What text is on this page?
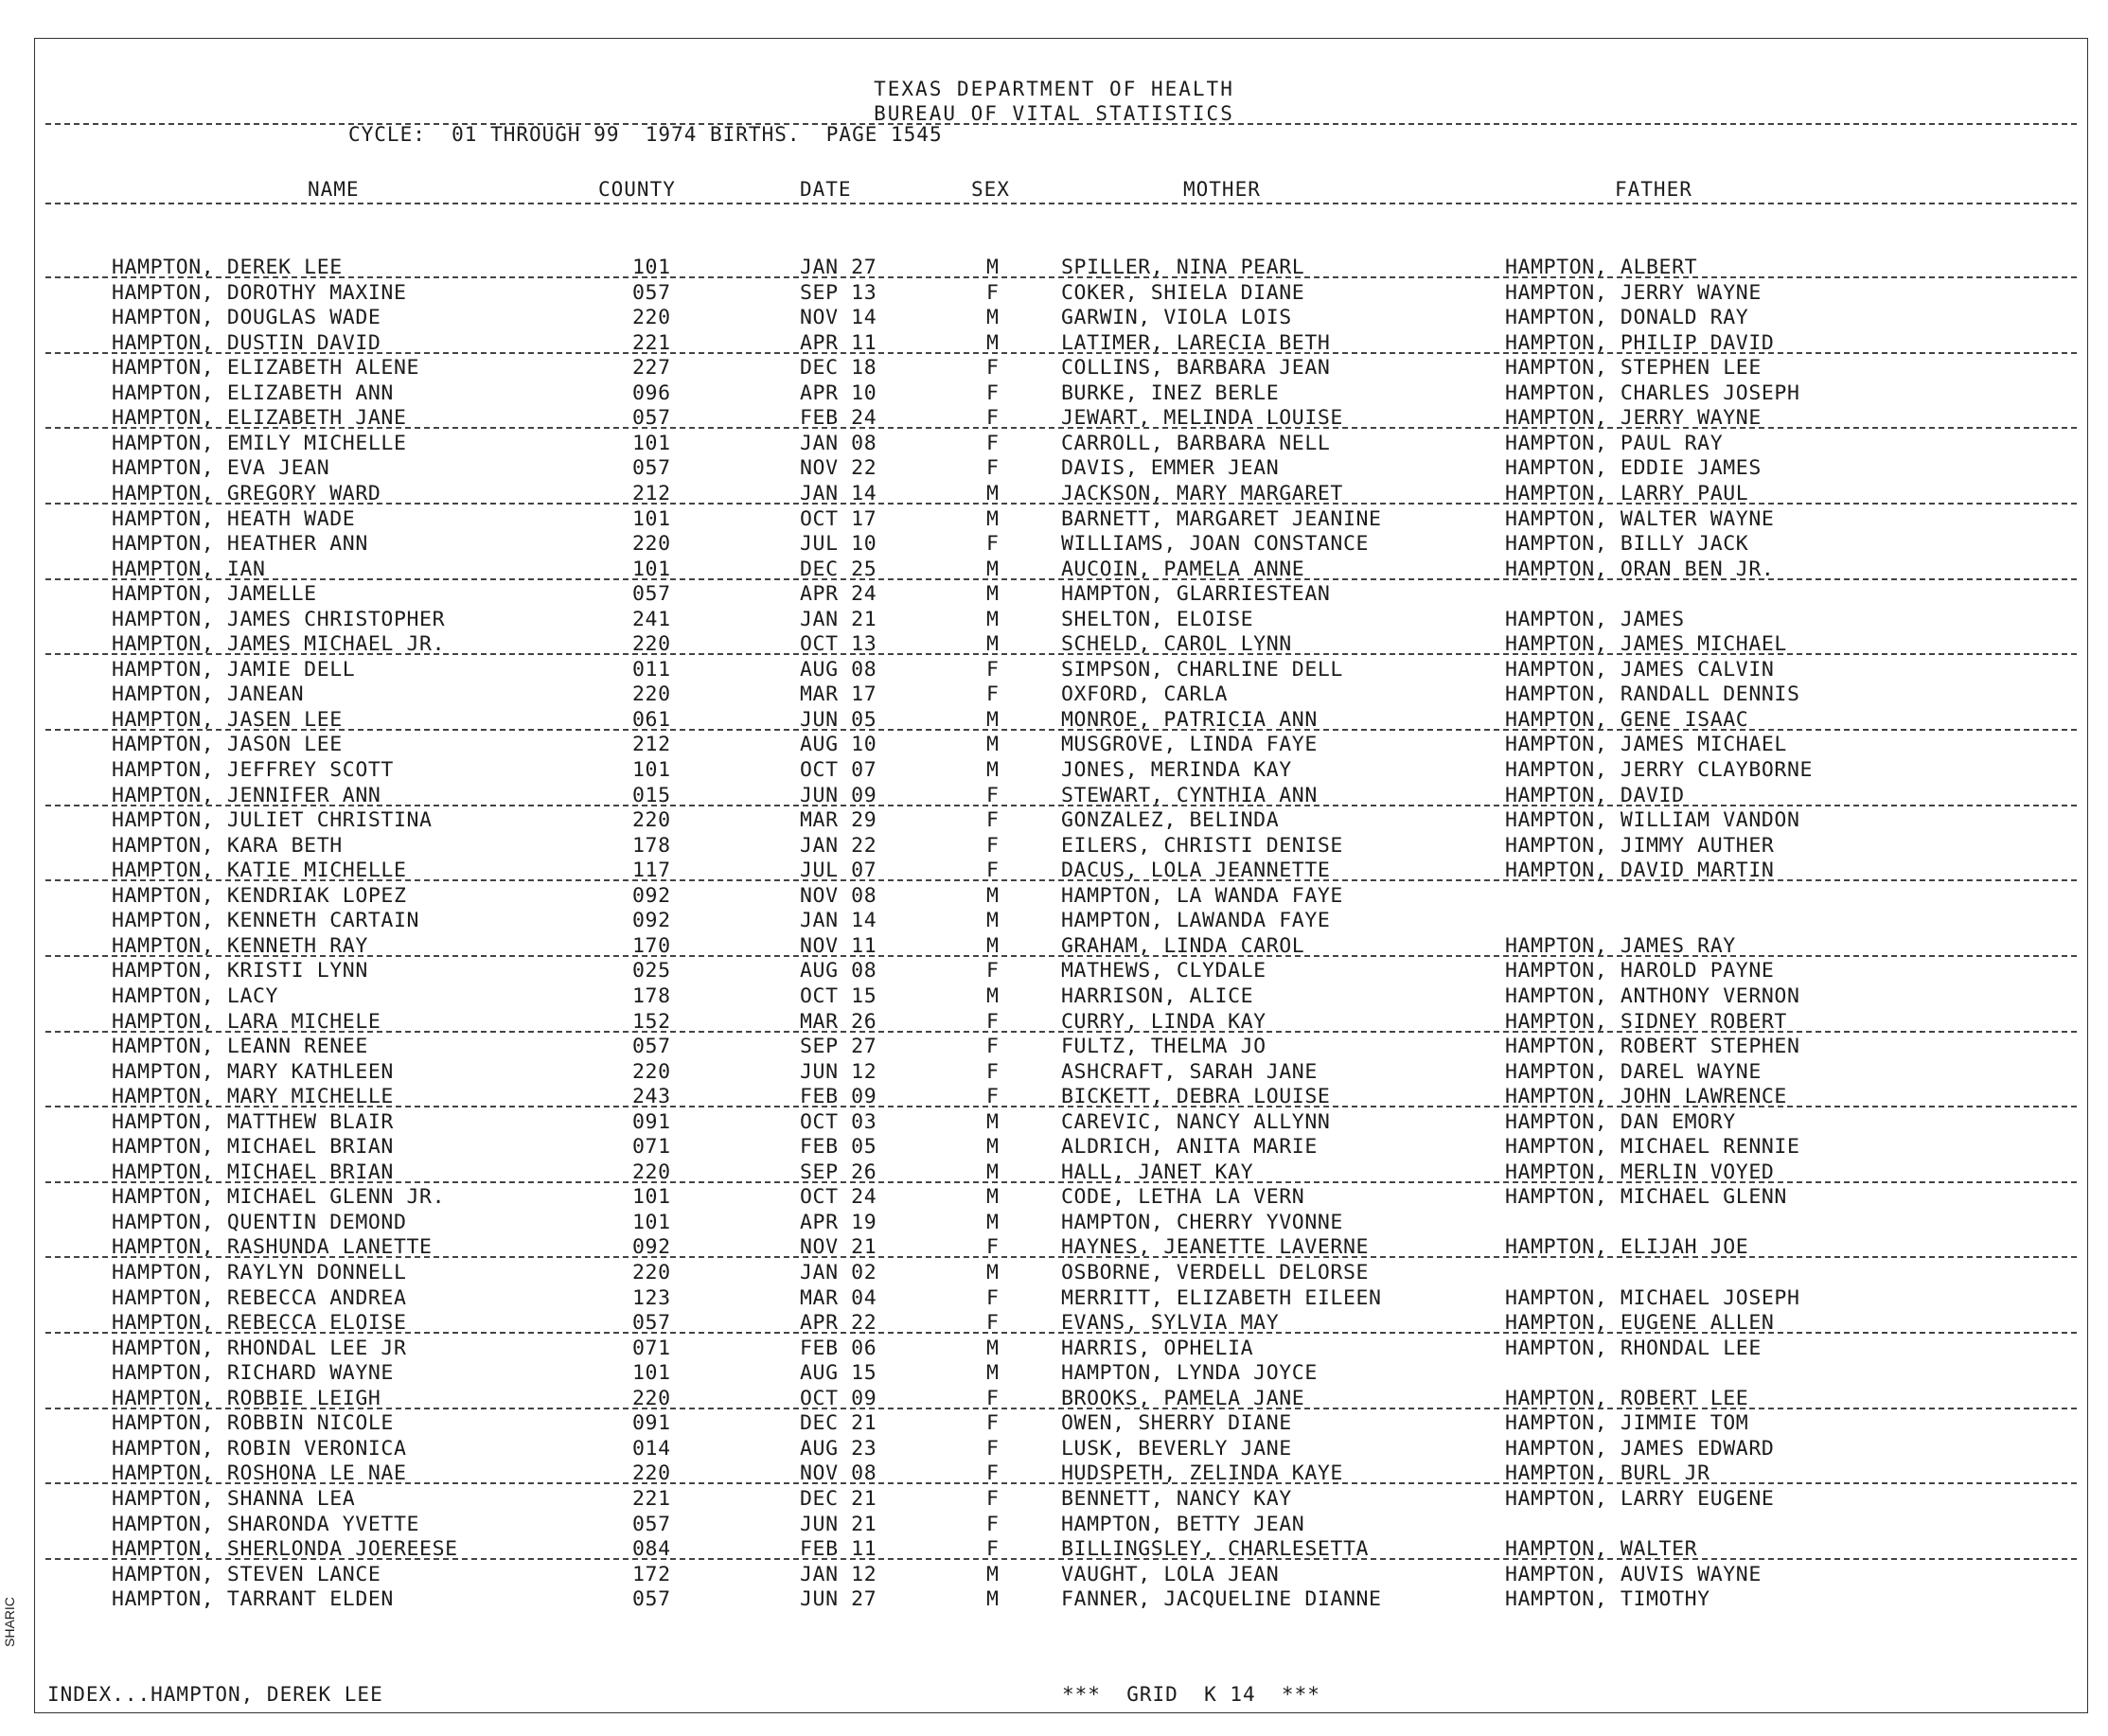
TEXAS DEPARTMENT OF HEALTH
BUREAU OF VITAL STATISTICS
CYCLE:  01 THROUGH 99  1974 BIRTHS.  PAGE 1545
NAME	COUNTY	DATE	SEX	MOTHER	FATHER
HAMPTON, DEREK LEE	101	JAN 27	M	SPILLER, NINA PEARL	HAMPTON, ALBERT
HAMPTON, DOROTHY MAXINE	057	SEP 13	F	COKER, SHIELA DIANE	HAMPTON, JERRY WAYNE
HAMPTON, DOUGLAS WADE	220	NOV 14	M	GARWIN, VIOLA LOIS	HAMPTON, DONALD RAY
HAMPTON, DUSTIN DAVID	221	APR 11	M	LATIMER, LARECIA BETH	HAMPTON, PHILIP DAVID
HAMPTON, ELIZABETH ALENE	227	DEC 18	F	COLLINS, BARBARA JEAN	HAMPTON, STEPHEN LEE
HAMPTON, ELIZABETH ANN	096	APR 10	F	BURKE, INEZ BERLE	HAMPTON, CHARLES JOSEPH
HAMPTON, ELIZABETH JANE	057	FEB 24	F	JEWART, MELINDA LOUISE	HAMPTON, JERRY WAYNE
HAMPTON, EMILY MICHELLE	101	JAN 08	F	CARROLL, BARBARA NELL	HAMPTON, PAUL RAY
HAMPTON, EVA JEAN	057	NOV 22	F	DAVIS, EMMER JEAN	HAMPTON, EDDIE JAMES
HAMPTON, GREGORY WARD	212	JAN 14	M	JACKSON, MARY MARGARET	HAMPTON, LARRY PAUL
HAMPTON, HEATH WADE	101	OCT 17	M	BARNETT, MARGARET JEANINE	HAMPTON, WALTER WAYNE
HAMPTON, HEATHER ANN	220	JUL 10	F	WILLIAMS, JOAN CONSTANCE	HAMPTON, BILLY JACK
HAMPTON, IAN	101	DEC 25	M	AUCOIN, PAMELA ANNE	HAMPTON, ORAN BEN JR.
HAMPTON, JAMELLE	057	APR 24	M	HAMPTON, GLARRIESTEAN
HAMPTON, JAMES CHRISTOPHER	241	JAN 21	M	SHELTON, ELOISE	HAMPTON, JAMES
HAMPTON, JAMES MICHAEL JR.	220	OCT 13	M	SCHELD, CAROL LYNN	HAMPTON, JAMES MICHAEL
HAMPTON, JAMIE DELL	011	AUG 08	F	SIMPSON, CHARLINE DELL	HAMPTON, JAMES CALVIN
HAMPTON, JANEAN	220	MAR 17	F	OXFORD, CARLA	HAMPTON, RANDALL DENNIS
HAMPTON, JASEN LEE	061	JUN 05	M	MONROE, PATRICIA ANN	HAMPTON, GENE ISAAC
HAMPTON, JASON LEE	212	AUG 10	M	MUSGROVE, LINDA FAYE	HAMPTON, JAMES MICHAEL
HAMPTON, JEFFREY SCOTT	101	OCT 07	M	JONES, MERINDA KAY	HAMPTON, JERRY CLAYBORNE
HAMPTON, JENNIFER ANN	015	JUN 09	F	STEWART, CYNTHIA ANN	HAMPTON, DAVID
HAMPTON, JULIET CHRISTINA	220	MAR 29	F	GONZALEZ, BELINDA	HAMPTON, WILLIAM VANDON
HAMPTON, KARA BETH	178	JAN 22	F	EILERS, CHRISTI DENISE	HAMPTON, JIMMY AUTHER
HAMPTON, KATIE MICHELLE	117	JUL 07	F	DACUS, LOLA JEANNETTE	HAMPTON, DAVID MARTIN
HAMPTON, KENDRIAK LOPEZ	092	NOV 08	M	HAMPTON, LA WANDA FAYE
HAMPTON, KENNETH CARTAIN	092	JAN 14	M	HAMPTON, LAWANDA FAYE
HAMPTON, KENNETH RAY	170	NOV 11	M	GRAHAM, LINDA CAROL	HAMPTON, JAMES RAY
HAMPTON, KRISTI LYNN	025	AUG 08	F	MATHEWS, CLYDALE	HAMPTON, HAROLD PAYNE
HAMPTON, LACY	178	OCT 15	M	HARRISON, ALICE	HAMPTON, ANTHONY VERNON
HAMPTON, LARA MICHELE	152	MAR 26	F	CURRY, LINDA KAY	HAMPTON, SIDNEY ROBERT
HAMPTON, LEANN RENEE	057	SEP 27	F	FULTZ, THELMA JO	HAMPTON, ROBERT STEPHEN
HAMPTON, MARY KATHLEEN	220	JUN 12	F	ASHCRAFT, SARAH JANE	HAMPTON, DAREL WAYNE
HAMPTON, MARY MICHELLE	243	FEB 09	F	BICKETT, DEBRA LOUISE	HAMPTON, JOHN LAWRENCE
HAMPTON, MATTHEW BLAIR	091	OCT 03	M	CAREVIC, NANCY ALLYNN	HAMPTON, DAN EMORY
HAMPTON, MICHAEL BRIAN	071	FEB 05	M	ALDRICH, ANITA MARIE	HAMPTON, MICHAEL RENNIE
HAMPTON, MICHAEL BRIAN	220	SEP 26	M	HALL, JANET KAY	HAMPTON, MERLIN VOYED
HAMPTON, MICHAEL GLENN JR.	101	OCT 24	M	CODE, LETHA LA VERN	HAMPTON, MICHAEL GLENN
HAMPTON, QUENTIN DEMOND	101	APR 19	M	HAMPTON, CHERRY YVONNE
HAMPTON, RASHUNDA LANETTE	092	NOV 21	F	HAYNES, JEANETTE LAVERNE	HAMPTON, ELIJAH JOE
HAMPTON, RAYLYN DONNELL	220	JAN 02	M	OSBORNE, VERDELL DELORSE
HAMPTON, REBECCA ANDREA	123	MAR 04	F	MERRITT, ELIZABETH EILEEN	HAMPTON, MICHAEL JOSEPH
HAMPTON, REBECCA ELOISE	057	APR 22	F	EVANS, SYLVIA MAY	HAMPTON, EUGENE ALLEN
HAMPTON, RHONDAL LEE JR	071	FEB 06	M	HARRIS, OPHELIA	HAMPTON, RHONDAL LEE
HAMPTON, RICHARD WAYNE	101	AUG 15	M	HAMPTON, LYNDA JOYCE
HAMPTON, ROBBIE LEIGH	220	OCT 09	F	BROOKS, PAMELA JANE	HAMPTON, ROBERT LEE
HAMPTON, ROBBIN NICOLE	091	DEC 21	F	OWEN, SHERRY DIANE	HAMPTON, JIMMIE TOM
HAMPTON, ROBIN VERONICA	014	AUG 23	F	LUSK, BEVERLY JANE	HAMPTON, JAMES EDWARD
HAMPTON, ROSHONA LE NAE	220	NOV 08	F	HUDSPETH, ZELINDA KAYE	HAMPTON, BURL JR
HAMPTON, SHANNA LEA	221	DEC 21	F	BENNETT, NANCY KAY	HAMPTON, LARRY EUGENE
HAMPTON, SHARONDA YVETTE	057	JUN 21	F	HAMPTON, BETTY JEAN
HAMPTON, SHERLONDA JOEREESE	084	FEB 11	F	BILLINGSLEY, CHARLESETTA	HAMPTON, WALTER
HAMPTON, STEVEN LANCE	172	JAN 12	M	VAUGHT, LOLA JEAN	HAMPTON, AUVIS WAYNE
HAMPTON, TARRANT ELDEN	057	JUN 27	M	FANNER, JACQUELINE DIANNE	HAMPTON, TIMOTHY
INDEX...HAMPTON, DEREK LEE	***  GRID  K 14  ***
SHARIC
